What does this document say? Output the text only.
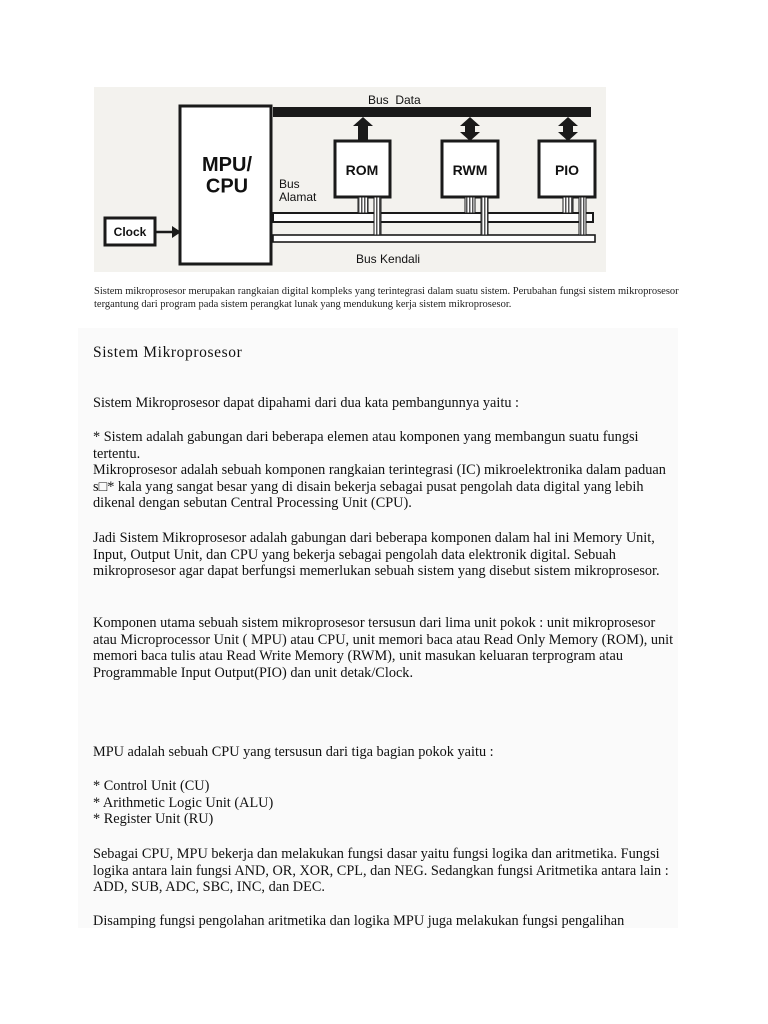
MPU/ CPU
Clock
ROM	RWM	PIO
Bus  Data
Bus Alamat
Bus Kendali

Sistem mikroprosesor merupakan rangkaian digital kompleks yang terintegrasi dalam suatu sistem. Perubahan fungsi sistem mikroprosesor tergantung dari program pada sistem perangkat lunak yang mendukung kerja sistem mikroprosesor.

Sistem Mikroprosesor

Sistem Mikroprosesor dapat dipahami dari dua kata pembangunnya yaitu :

* Sistem adalah gabungan dari beberapa elemen atau komponen yang membangun suatu fungsi tertentu.
Mikroprosesor adalah sebuah komponen rangkaian terintegrasi (IC) mikroelektronika dalam paduan s□* kala yang sangat besar yang di disain bekerja sebagai pusat pengolah data digital yang lebih dikenal dengan sebutan Central Processing Unit (CPU).

Jadi Sistem Mikroprosesor adalah gabungan dari beberapa komponen dalam hal ini Memory Unit, Input, Output Unit, dan CPU yang bekerja sebagai pengolah data elektronik digital. Sebuah mikroprosesor agar dapat berfungsi memerlukan sebuah sistem yang disebut sistem mikroprosesor.

Komponen utama sebuah sistem mikroprosesor tersusun dari lima unit pokok : unit mikroprosesor atau Microprocessor Unit ( MPU) atau CPU, unit memori baca atau Read Only Memory (ROM), unit memori baca tulis atau Read Write Memory (RWM), unit masukan keluaran terprogram atau Programmable Input Output(PIO) dan unit detak/Clock.

MPU adalah sebuah CPU yang tersusun dari tiga bagian pokok yaitu :

* Control Unit (CU)
* Arithmetic Logic Unit (ALU)
* Register Unit (RU)

Sebagai CPU, MPU bekerja dan melakukan fungsi dasar yaitu fungsi logika dan aritmetika. Fungsi logika antara lain fungsi AND, OR, XOR, CPL, dan NEG. Sedangkan fungsi Aritmetika antara lain : ADD, SUB, ADC, SBC, INC, dan DEC.

Disamping fungsi pengolahan aritmetika dan logika MPU juga melakukan fungsi pengalihan
